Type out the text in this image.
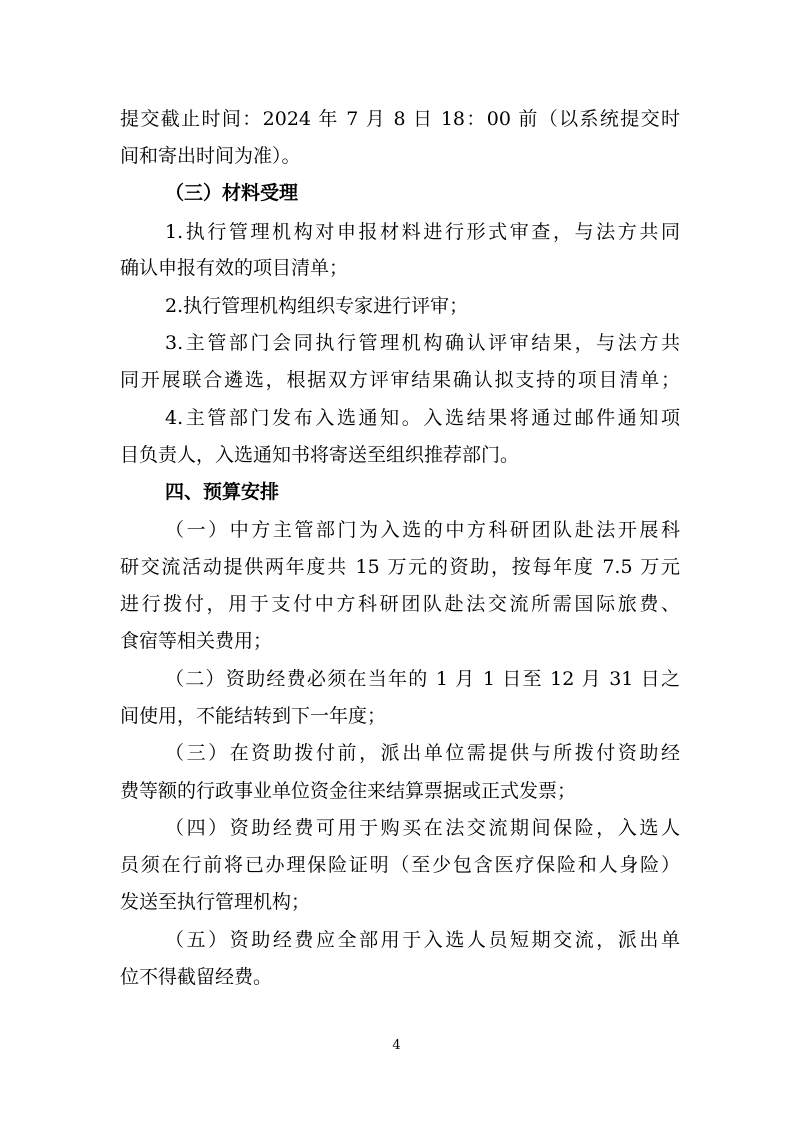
提交截止时间：2024 年 7 月 8 日 18：00 前（以系统提交时
间和寄出时间为准）。
（三）材料受理
1.执行管理机构对申报材料进行形式审查，与法方共同
确认申报有效的项目清单；
2.执行管理机构组织专家进行评审；
3.主管部门会同执行管理机构确认评审结果，与法方共
同开展联合遴选，根据双方评审结果确认拟支持的项目清单；
4.主管部门发布入选通知。入选结果将通过邮件通知项
目负责人，入选通知书将寄送至组织推荐部门。
四、预算安排
（一）中方主管部门为入选的中方科研团队赴法开展科
研交流活动提供两年度共 15 万元的资助，按每年度 7.5 万元
进行拨付，用于支付中方科研团队赴法交流所需国际旅费、
食宿等相关费用；
（二）资助经费必须在当年的 1 月 1 日至 12 月 31 日之
间使用，不能结转到下一年度；
（三）在资助拨付前，派出单位需提供与所拨付资助经
费等额的行政事业单位资金往来结算票据或正式发票；
（四）资助经费可用于购买在法交流期间保险，入选人
员须在行前将已办理保险证明（至少包含医疗保险和人身险）
发送至执行管理机构；
（五）资助经费应全部用于入选人员短期交流，派出单
位不得截留经费。
4
